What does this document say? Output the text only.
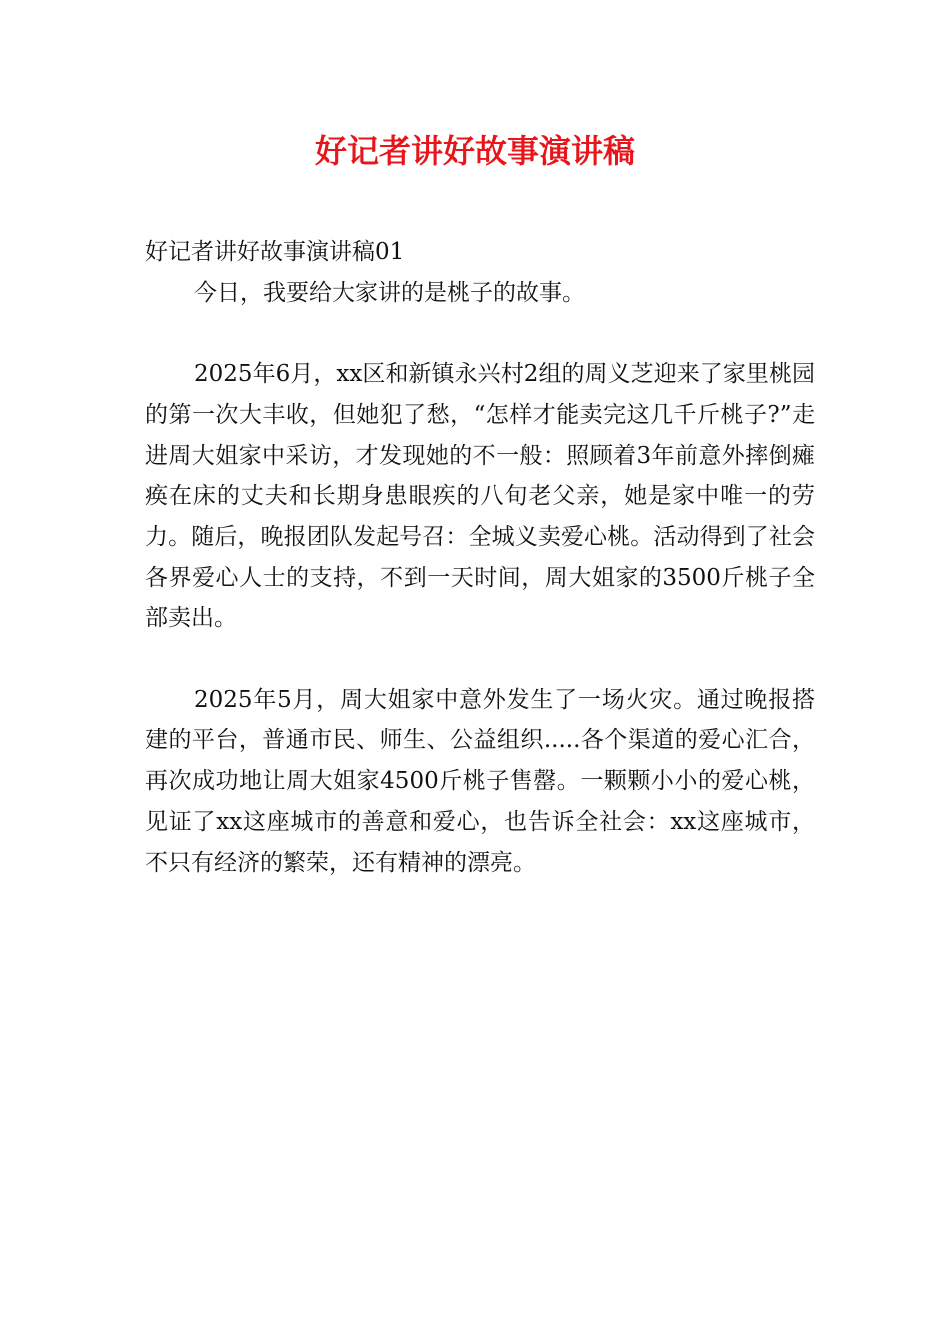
好记者讲好故事演讲稿

好记者讲好故事演讲稿01

今日，我要给大家讲的是桃子的故事。

2025年6月，xx区和新镇永兴村2组的周义芝迎来了家里桃园的第一次大丰收，但她犯了愁，“怎样才能卖完这几千斤桃子?”走进周大姐家中采访，才发现她的不一般：照顾着3年前意外摔倒瘫痪在床的丈夫和长期身患眼疾的八旬老父亲，她是家中唯一的劳力。随后，晚报团队发起号召：全城义卖爱心桃。活动得到了社会各界爱心人士的支持，不到一天时间，周大姐家的3500斤桃子全部卖出。

2025年5月，周大姐家中意外发生了一场火灾。通过晚报搭建的平台，普通市民、师生、公益组织.....各个渠道的爱心汇合，再次成功地让周大姐家4500斤桃子售罄。一颗颗小小的爱心桃，见证了xx这座城市的善意和爱心，也告诉全社会：xx这座城市，不只有经济的繁荣，还有精神的漂亮。
